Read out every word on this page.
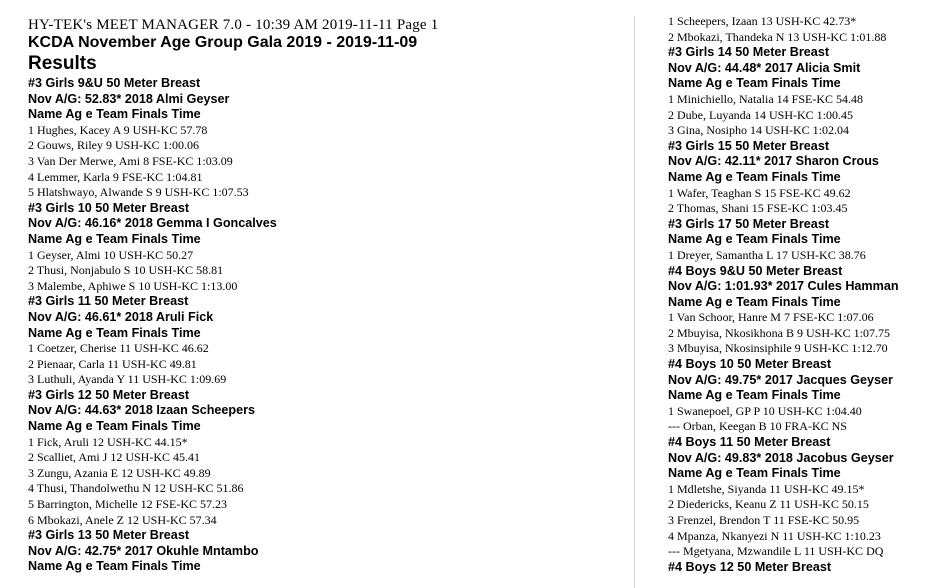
HY-TEK's MEET MANAGER 7.0 - 10:39 AM 2019-11-11 Page 1
KCDA November Age Group Gala 2019 - 2019-11-09
Results
#3 Girls 9&U 50 Meter Breast
Nov A/G: 52.83* 2018 Almi Geyser
Name Ag e Team Finals Time
1 Hughes, Kacey A 9 USH-KC 57.78
2 Gouws, Riley 9 USH-KC 1:00.06
3 Van Der Merwe, Ami 8 FSE-KC 1:03.09
4 Lemmer, Karla 9 FSE-KC 1:04.81
5 Hlatshwayo, Alwande S 9 USH-KC 1:07.53
#3 Girls 10 50 Meter Breast
Nov A/G: 46.16* 2018 Gemma I Goncalves
Name Ag e Team Finals Time
1 Geyser, Almi 10 USH-KC 50.27
2 Thusi, Nonjabulo S 10 USH-KC 58.81
3 Malembe, Aphiwe S 10 USH-KC 1:13.00
#3 Girls 11 50 Meter Breast
Nov A/G: 46.61* 2018 Aruli Fick
Name Ag e Team Finals Time
1 Coetzer, Cherise 11 USH-KC 46.62
2 Pienaar, Carla 11 USH-KC 49.81
3 Luthuli, Ayanda Y 11 USH-KC 1:09.69
#3 Girls 12 50 Meter Breast
Nov A/G: 44.63* 2018 Izaan Scheepers
Name Ag e Team Finals Time
1 Fick, Aruli 12 USH-KC 44.15*
2 Scalliet, Ami J 12 USH-KC 45.41
3 Zungu, Azania E 12 USH-KC 49.89
4 Thusi, Thandolwethu N 12 USH-KC 51.86
5 Barrington, Michelle 12 FSE-KC 57.23
6 Mbokazi, Anele Z 12 USH-KC 57.34
#3 Girls 13 50 Meter Breast
Nov A/G: 42.75* 2017 Okuhle Mntambo
Name Ag e Team Finals Time
1 Scheepers, Izaan 13 USH-KC 42.73*
2 Mbokazi, Thandeka N 13 USH-KC 1:01.88
#3 Girls 14 50 Meter Breast
Nov A/G: 44.48* 2017 Alicia Smit
Name Ag e Team Finals Time
1 Minichiello, Natalia 14 FSE-KC 54.48
2 Dube, Luyanda 14 USH-KC 1:00.45
3 Gina, Nosipho 14 USH-KC 1:02.04
#3 Girls 15 50 Meter Breast
Nov A/G: 42.11* 2017 Sharon Crous
Name Ag e Team Finals Time
1 Wafer, Teaghan S 15 FSE-KC 49.62
2 Thomas, Shani 15 FSE-KC 1:03.45
#3 Girls 17 50 Meter Breast
Name Ag e Team Finals Time
1 Dreyer, Samantha L 17 USH-KC 38.76
#4 Boys 9&U 50 Meter Breast
Nov A/G: 1:01.93* 2017 Cules Hamman
Name Ag e Team Finals Time
1 Van Schoor, Hanre M 7 FSE-KC 1:07.06
2 Mbuyisa, Nkosikhona B 9 USH-KC 1:07.75
3 Mbuyisa, Nkosinsiphile 9 USH-KC 1:12.70
#4 Boys 10 50 Meter Breast
Nov A/G: 49.75* 2017 Jacques Geyser
Name Ag e Team Finals Time
1 Swanepoel, GP P 10 USH-KC 1:04.40
--- Orban, Keegan B 10 FRA-KC NS
#4 Boys 11 50 Meter Breast
Nov A/G: 49.83* 2018 Jacobus Geyser
Name Ag e Team Finals Time
1 Mdletshe, Siyanda 11 USH-KC 49.15*
2 Diedericks, Keanu Z 11 USH-KC 50.15
3 Frenzel, Brendon T 11 FSE-KC 50.95
4 Mpanza, Nkanyezi N 11 USH-KC 1:10.23
--- Mgetyana, Mzwandile L 11 USH-KC DQ
#4 Boys 12 50 Meter Breast
